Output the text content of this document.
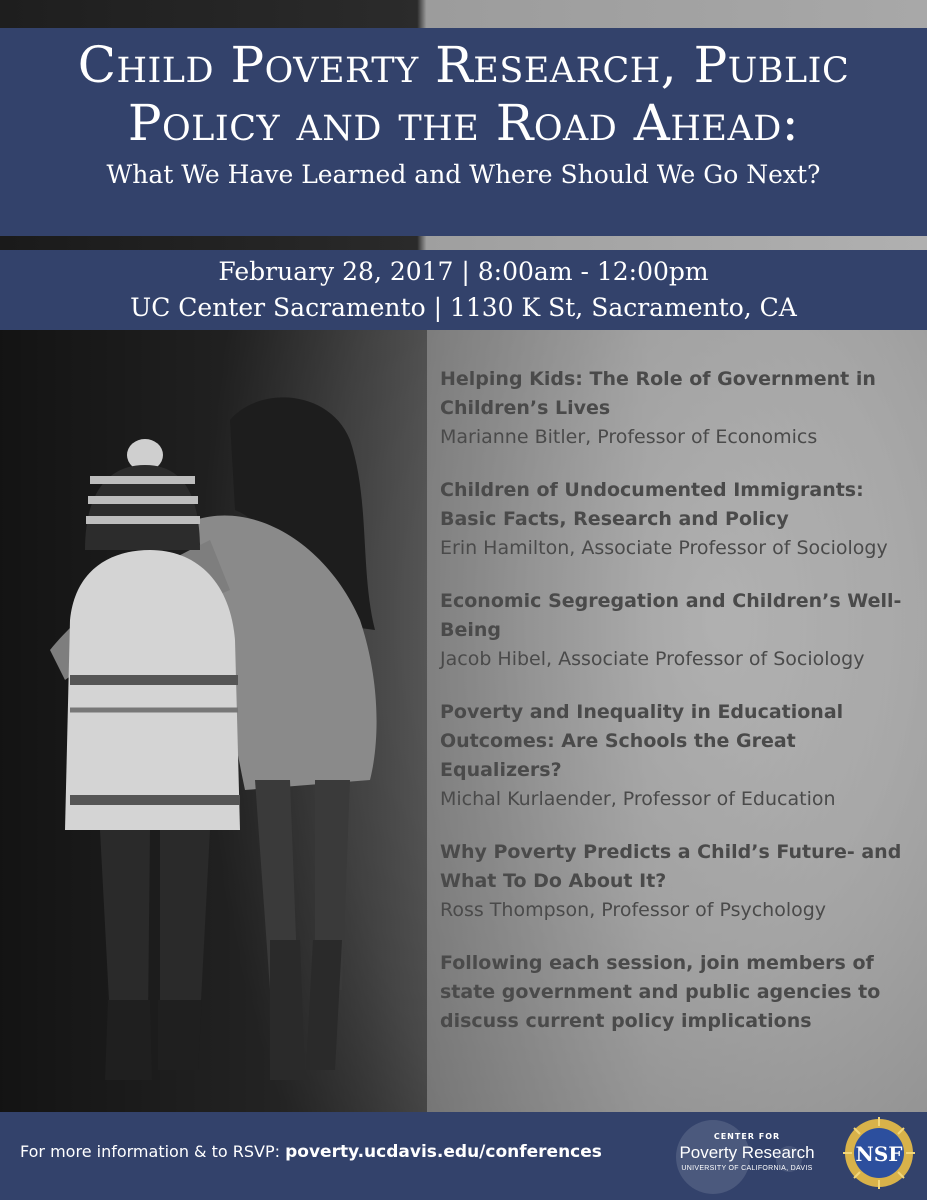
Child Poverty Research, Public
Policy and the Road Ahead:
What We Have Learned and Where Should We Go Next?
February 28, 2017 | 8:00am - 12:00pm
UC Center Sacramento | 1130 K St, Sacramento, CA
Helping Kids: The Role of Government in Children’s Lives
Marianne Bitler, Professor of Economics
Children of Undocumented Immigrants: Basic Facts, Research and Policy
Erin Hamilton, Associate Professor of Sociology
Economic Segregation and Children’s Well-Being
Jacob Hibel, Associate Professor of Sociology
Poverty and Inequality in Educational Outcomes: Are Schools the Great Equalizers?
Michal Kurlaender, Professor of Education
Why Poverty Predicts a Child’s Future- and What To Do About It?
Ross Thompson, Professor of Psychology
Following each session, join members of state government and public agencies to discuss current policy implications
For more information & to RSVP: poverty.ucdavis.edu/conferences
CENTER FOR
Poverty Research
UNIVERSITY OF CALIFORNIA, DAVIS
NSF
